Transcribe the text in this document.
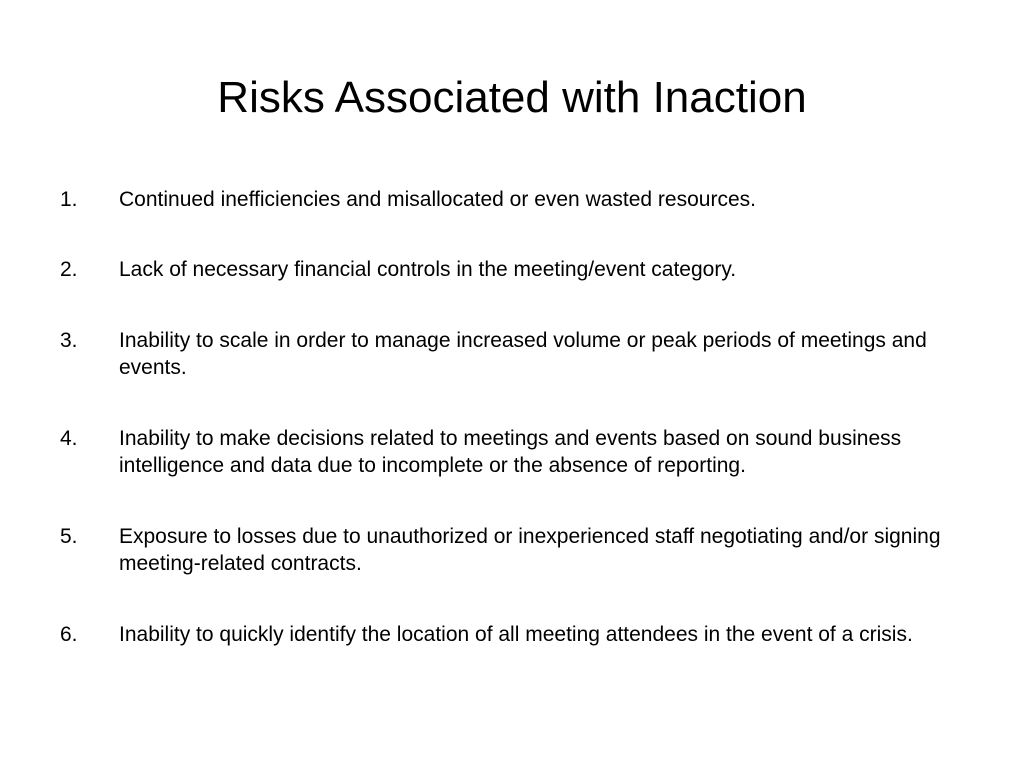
Risks Associated with Inaction
1.	Continued inefficiencies and misallocated or even wasted resources.
2.	Lack of necessary financial controls in the meeting/event category.
3.	Inability to scale in order to manage increased volume or peak periods of meetings and events.
4.	Inability to make decisions related to meetings and events based on sound business intelligence and data due to incomplete or the absence of reporting.
5.	Exposure to losses due to unauthorized or inexperienced staff negotiating and/or signing meeting-related contracts.
6.	Inability to quickly identify the location of all meeting attendees in the event of a crisis.
